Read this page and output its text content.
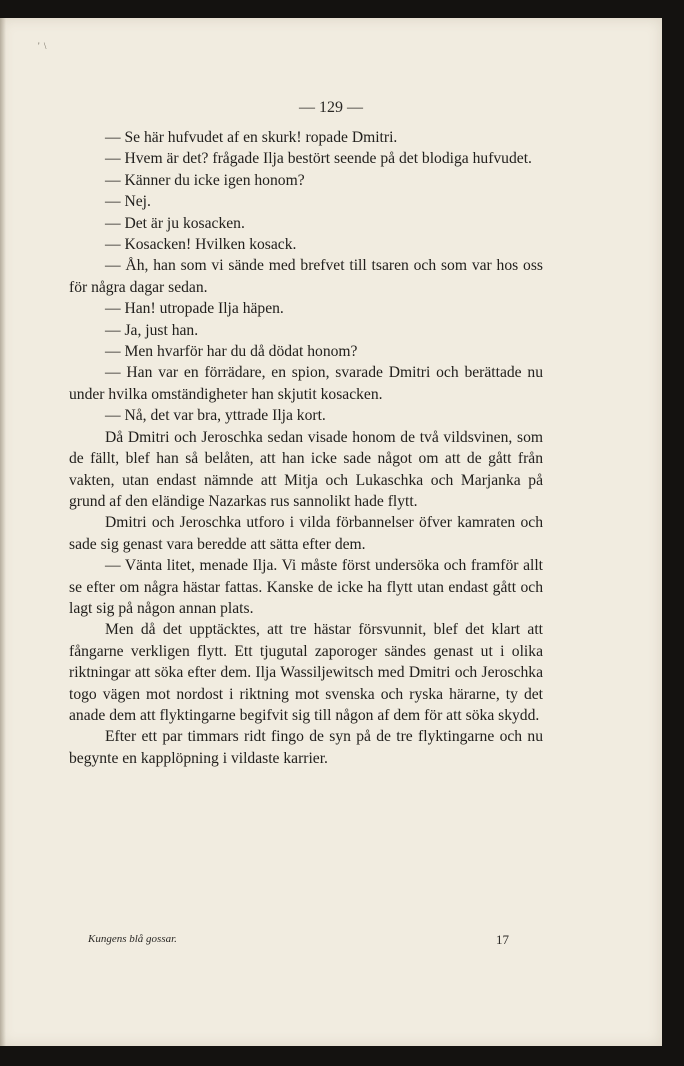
' \
— 129 —

— Se här hufvudet af en skurk! ropade Dmitri.

— Hvem är det? frågade Ilja bestört seende på det blodiga hufvudet.

— Känner du icke igen honom?

— Nej.

— Det är ju kosacken.

— Kosacken! Hvilken kosack.

— Åh, han som vi sände med brefvet till tsaren och som var hos oss för några dagar sedan.

— Han! utropade Ilja häpen.

— Ja, just han.

— Men hvarför har du då dödat honom?

— Han var en förrädare, en spion, svarade Dmitri och berättade nu under hvilka omständigheter han skjutit kosacken.

— Nå, det var bra, yttrade Ilja kort.

Då Dmitri och Jeroschka sedan visade honom de två vildsvinen, som de fällt, blef han så belåten, att han icke sade något om att de gått från vakten, utan endast nämnde att Mitja och Lukaschka och Marjanka på grund af den eländige Nazarkas rus sannolikt hade flytt.

Dmitri och Jeroschka utforo i vilda förbannelser öfver kamraten och sade sig genast vara beredde att sätta efter dem.

— Vänta litet, menade Ilja. Vi måste först undersöka och framför allt se efter om några hästar fattas. Kanske de icke ha flytt utan endast gått och lagt sig på någon annan plats.

Men då det upptäcktes, att tre hästar försvunnit, blef det klart att fångarne verkligen flytt. Ett tjugutal zaporoger sändes genast ut i olika riktningar att söka efter dem. Ilja Wassiljewitsch med Dmitri och Jeroschka togo vägen mot nordost i riktning mot svenska och ryska härarne, ty det anade dem att flyktingarne begifvit sig till någon af dem för att söka skydd.

Efter ett par timmars ridt fingo de syn på de tre flyktingarne och nu begynte en kapplöpning i vildaste karrier.

Kungens blå gossar.	17
